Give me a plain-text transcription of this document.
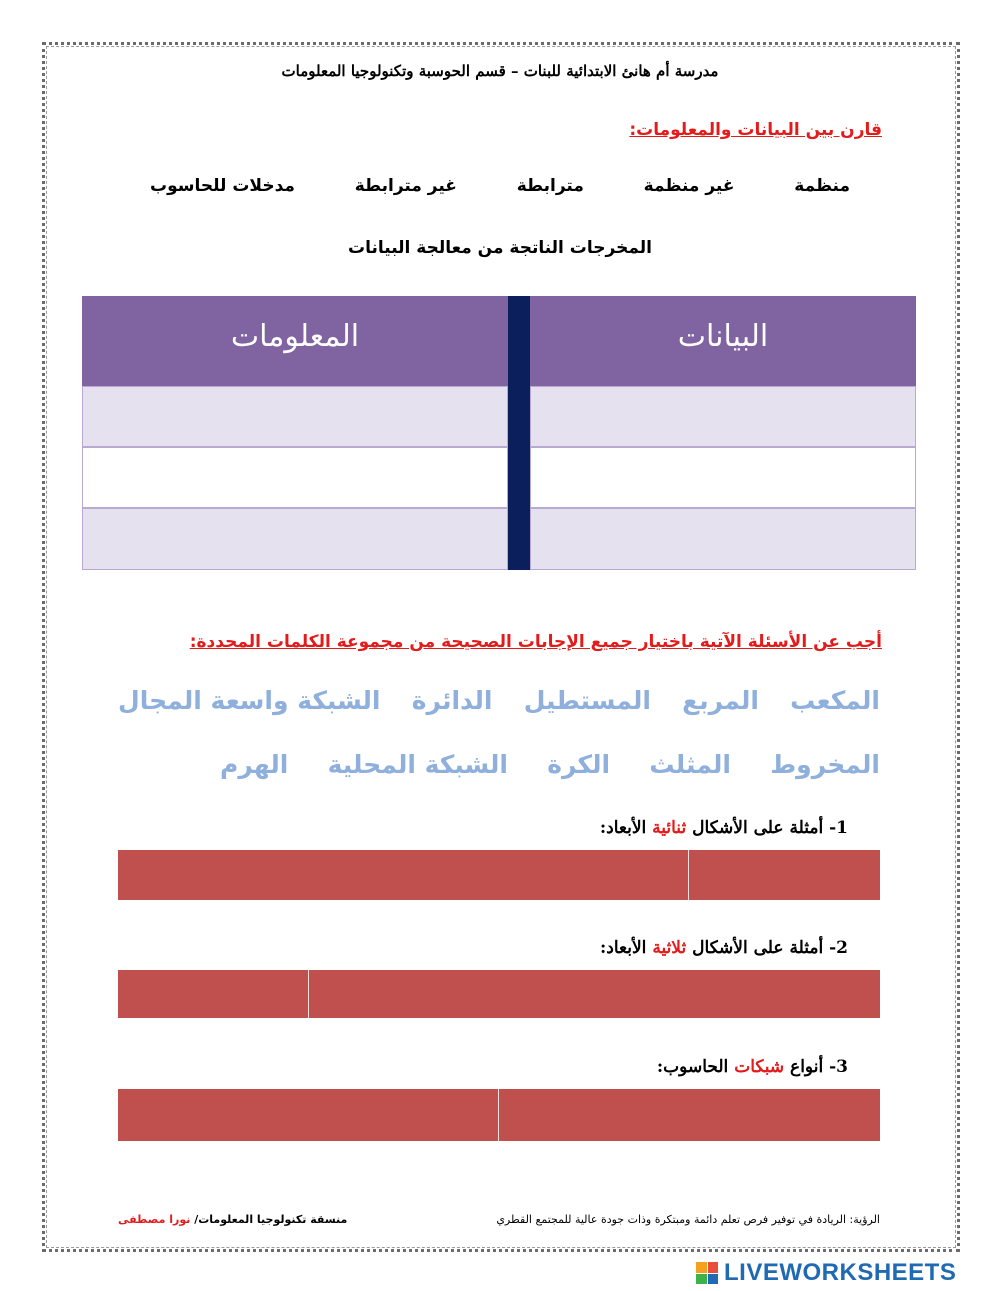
مدرسة أم هانئ الابتدائية للبنات – قسم الحوسبة وتكنولوجيا المعلومات
قارن بين البيانات والمعلومات:
منظمة
غير منظمة
مترابطة
غير مترابطة
مدخلات للحاسوب
المخرجات الناتجة من معالجة البيانات
المعلومات	البيانات
أجب عن الأسئلة الآتية باختيار جميع الإجابات الصحيحة من مجموعة الكلمات المحددة:
المكعب
المربع
المستطيل
الدائرة
الشبكة واسعة المجال
المخروط
المثلث
الكرة
الشبكة المحلية
الهرم
1- أمثلة على الأشكال ثنائية الأبعاد:
2- أمثلة على الأشكال ثلاثية الأبعاد:
3- أنواع شبكات الحاسوب:
الرؤية: الريادة في توفير فرص تعلم دائمة ومبتكرة وذات جودة عالية للمجتمع القطري
منسقة تكنولوجيا المعلومات/ نورا مصطفى
LIVEWORKSHEETS
